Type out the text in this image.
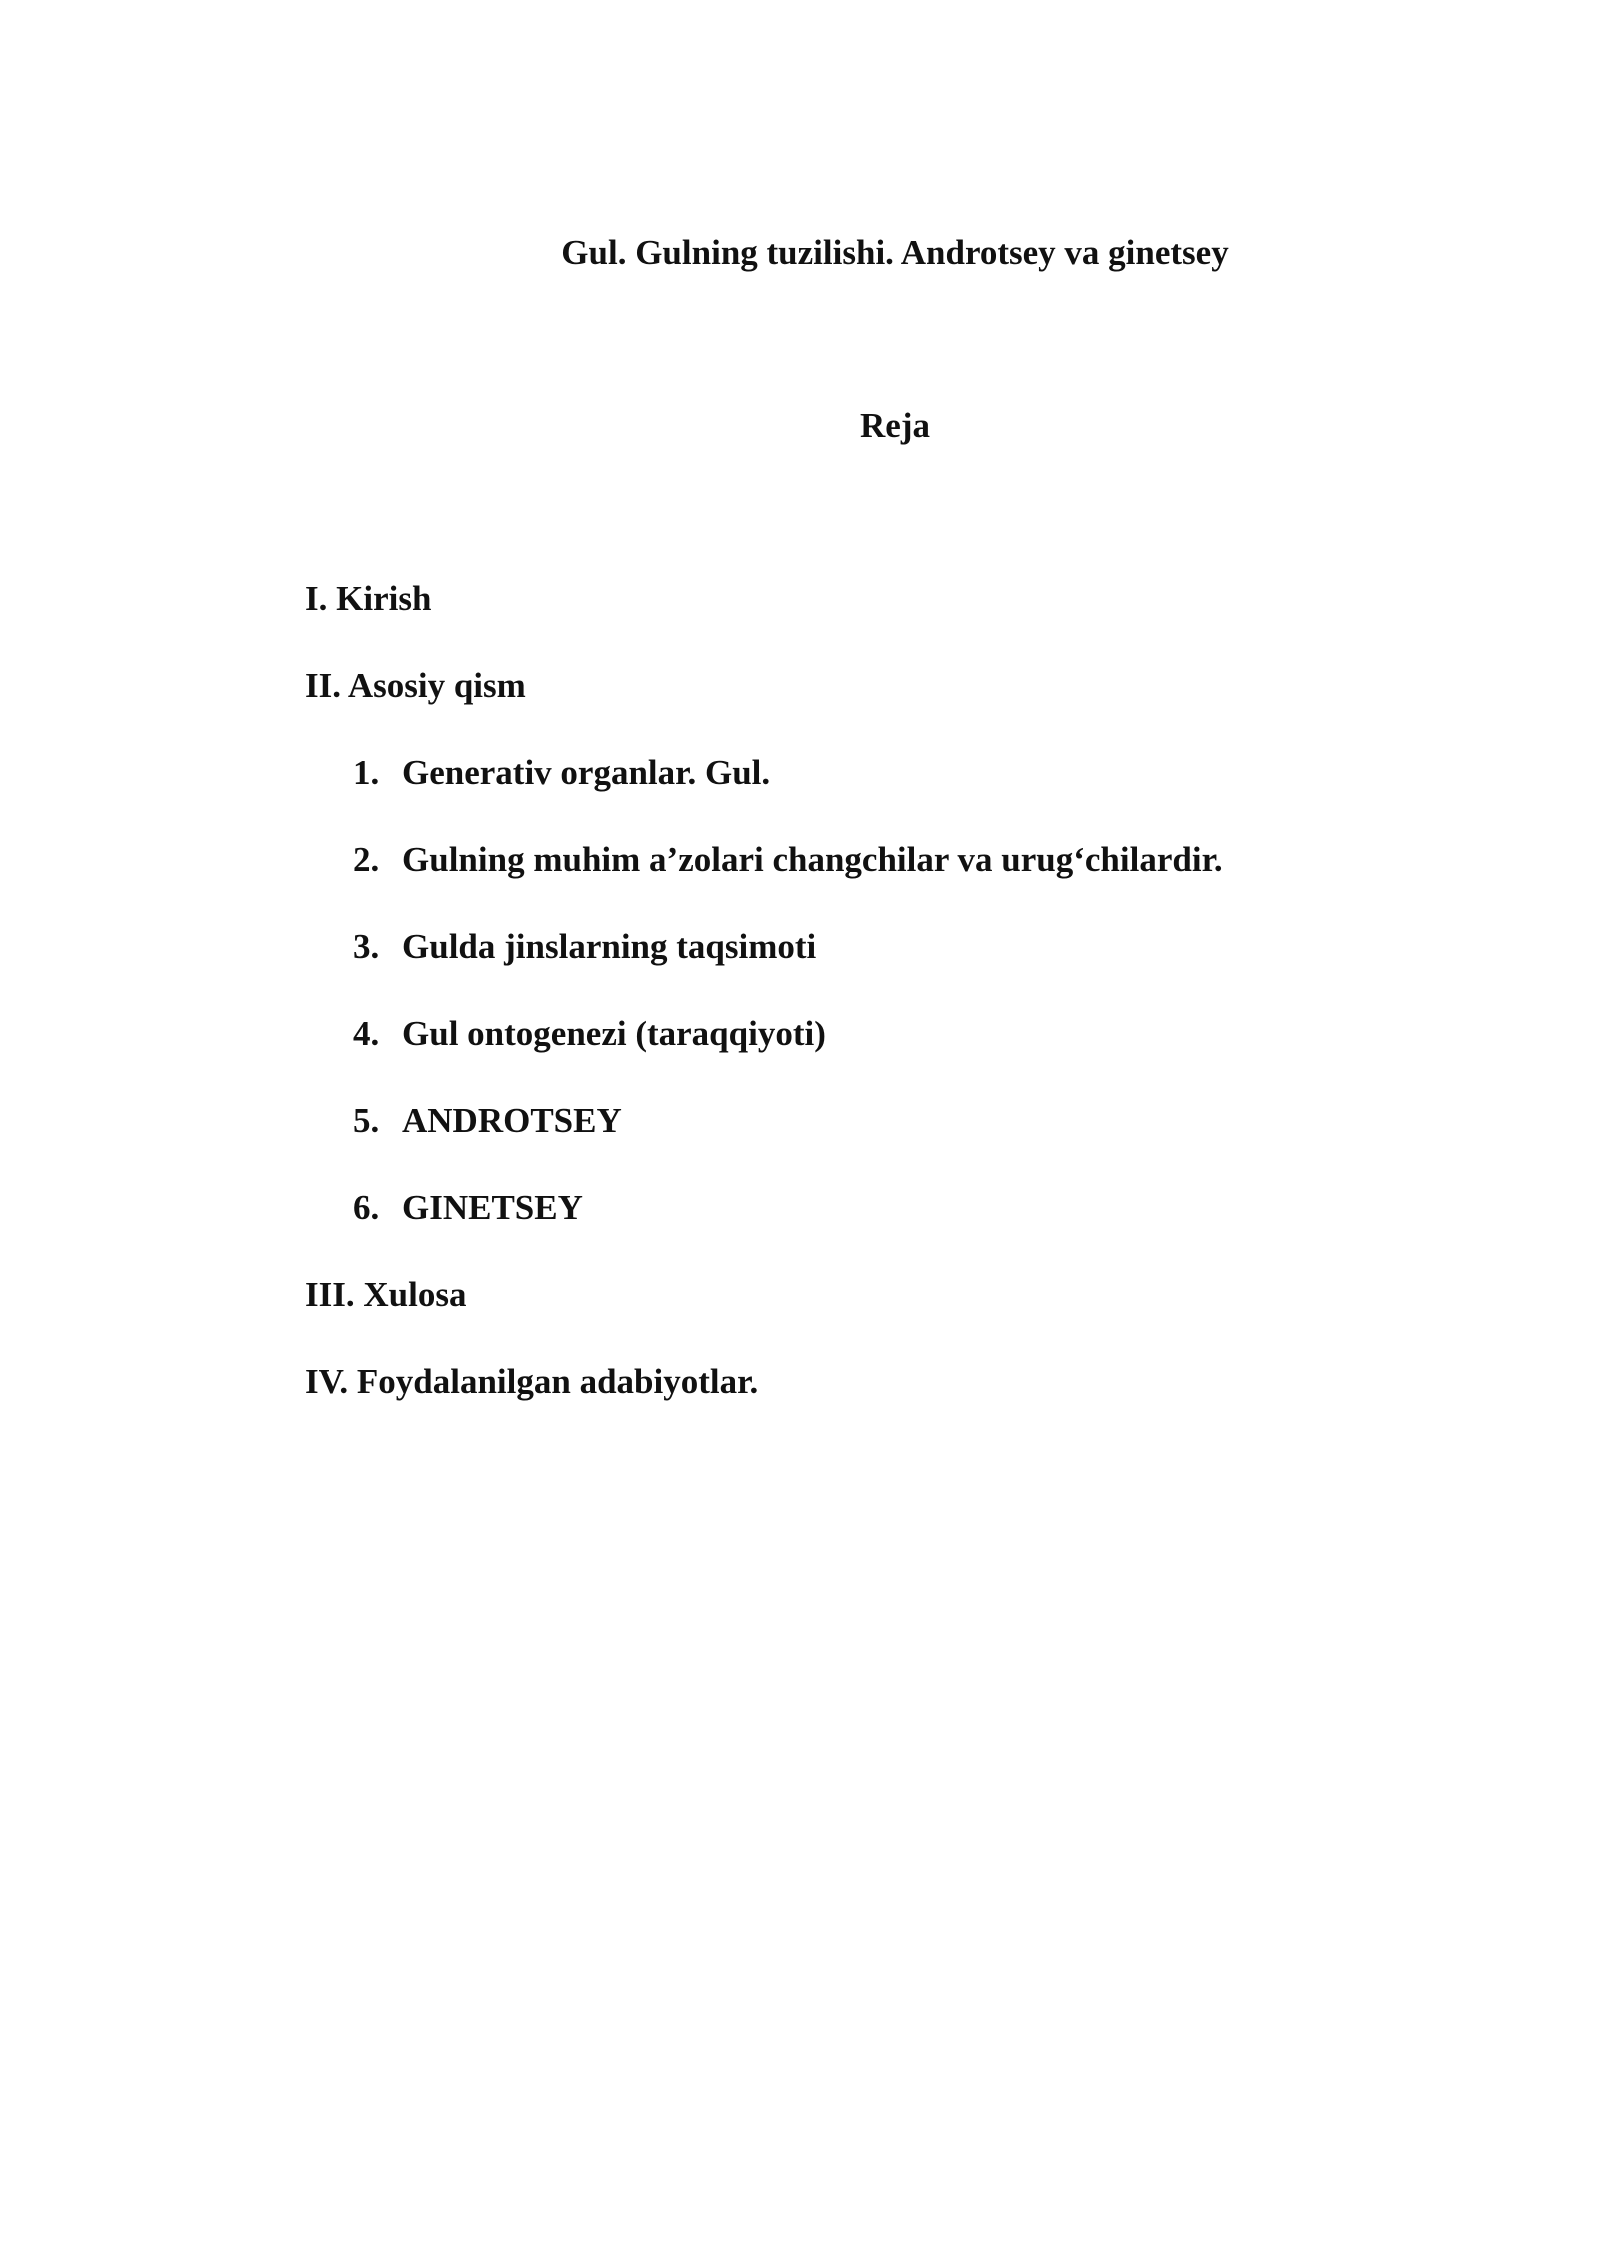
Gul. Gulning tuzilishi. Androtsey va ginetsey
Reja
I. Kirish
II. Asosiy qism
1. Generativ organlar. Gul.
2. Gulning muhim a’zolari changchilar va urug‘chilardir.
3. Gulda jinslarning taqsimoti
4. Gul ontogenezi (taraqqiyoti)
5. ANDROTSEY
6. GINETSEY
III. Xulosa
IV. Foydalanilgan adabiyotlar.
